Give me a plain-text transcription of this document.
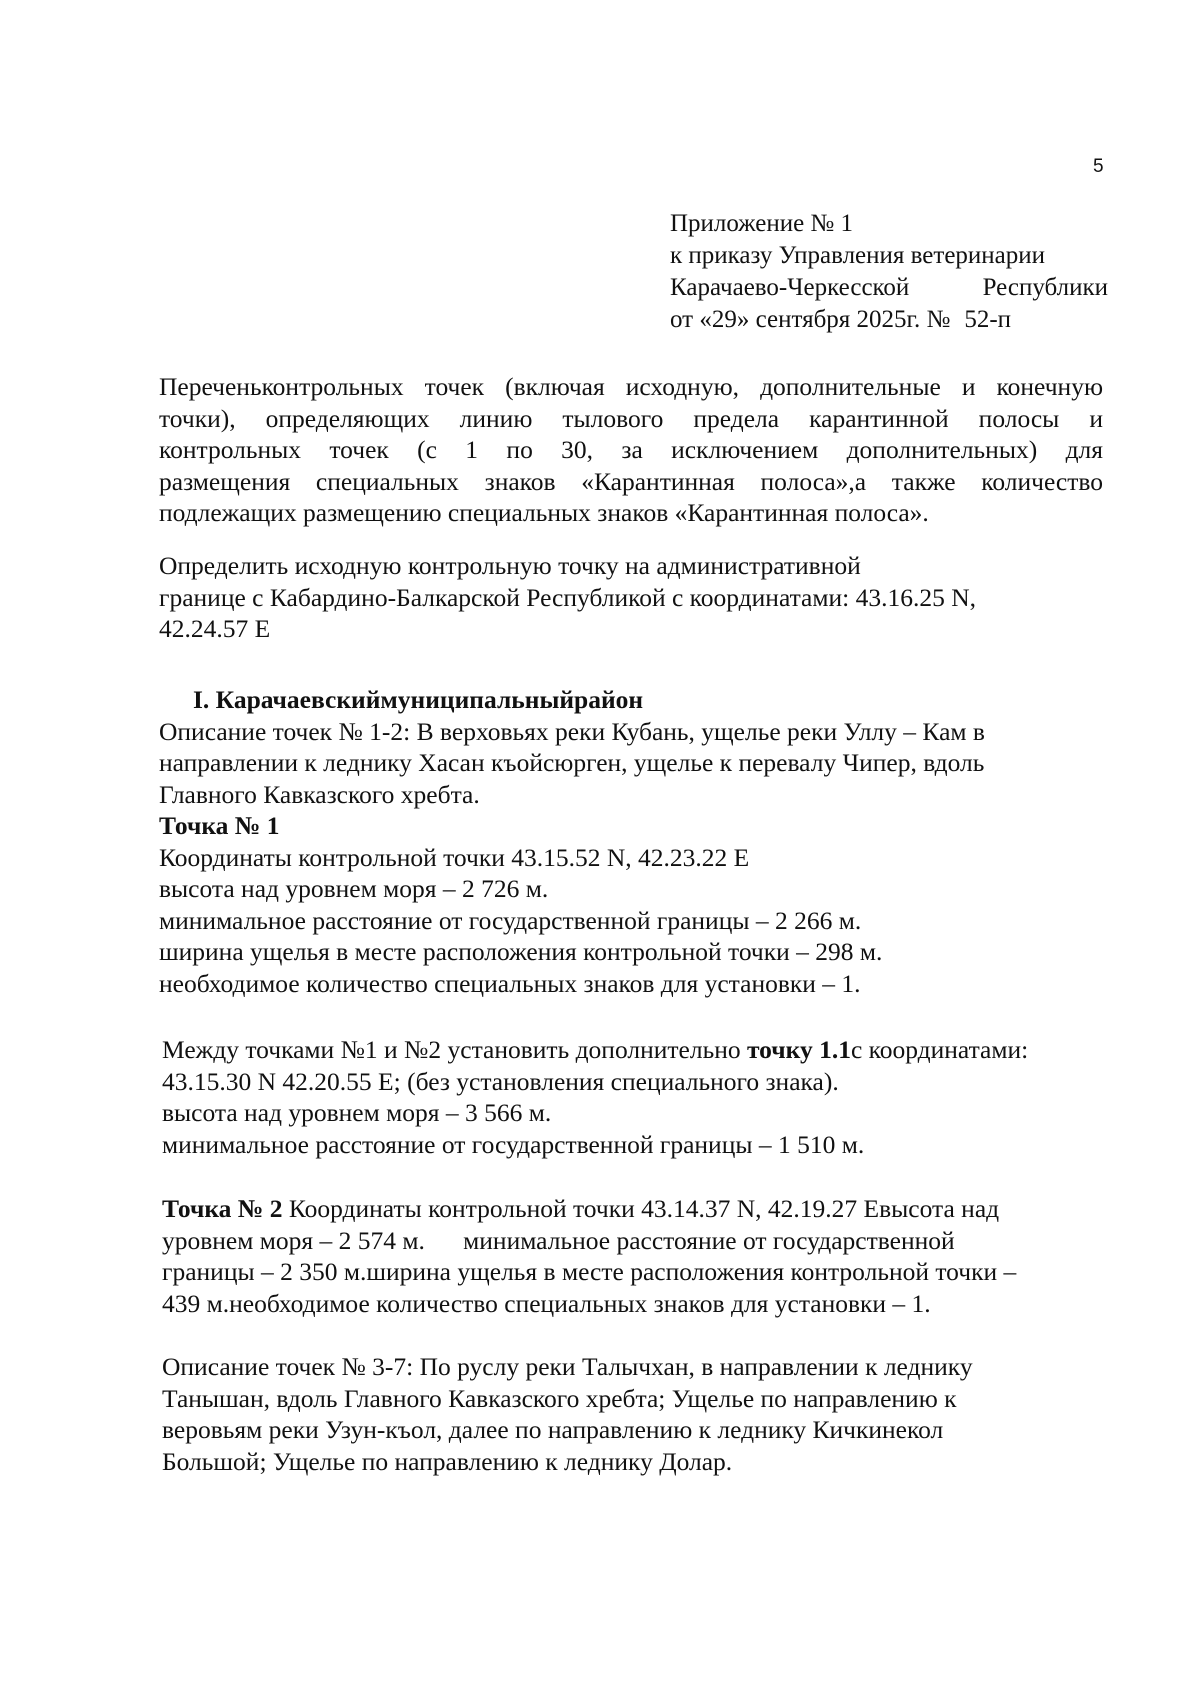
5
Приложение № 1
к приказу Управления ветеринарии
Карачаево-Черкесской	Республики
от «29» сентября 2025г. № 52-п
Переченьконтрольных точек (включая исходную, дополнительные и конечную
точки), определяющих линию тылового предела карантинной полосы и
контрольных точек (с 1 по 30, за исключением дополнительных) для
размещения специальных знаков «Карантинная полоса»,а также количество
подлежащих размещению специальных знаков «Карантинная полоса».
Определить исходную контрольную точку на административной
границе с Кабардино-Балкарской Республикой с координатами: 43.16.25 N,
42.24.57 E
I. Карачаевскиймуниципальныйрайон
Описание точек № 1-2: В верховьях реки Кубань, ущелье реки Уллу – Кам в
направлении к леднику Хасан къойсюрген, ущелье к перевалу Чипер, вдоль
Главного Кавказского хребта.
Точка № 1
Координаты контрольной точки 43.15.52 N, 42.23.22 E
высота над уровнем моря – 2 726 м.
минимальное расстояние от государственной границы – 2 266 м.
ширина ущелья в месте расположения контрольной точки – 298 м.
необходимое количество специальных знаков для установки – 1.
Между точками №1 и №2 установить дополнительно точку 1.1с координатами:
43.15.30 N 42.20.55 E; (без установления специального знака).
высота над уровнем моря – 3 566 м.
минимальное расстояние от государственной границы – 1 510 м.
Точка № 2 Координаты контрольной точки 43.14.37 N, 42.19.27 Евысота над
уровнем моря – 2 574 м.      минимальное расстояние от государственной
границы – 2 350 м.ширина ущелья в месте расположения контрольной точки –
439 м.необходимое количество специальных знаков для установки – 1.
Описание точек № 3-7: По руслу реки Талычхан, в направлении к леднику
Танышан, вдоль Главного Кавказского хребта; Ущелье по направлению к
веровьям реки Узун-къол, далее по направлению к леднику Кичкинекол
Большой; Ущелье по направлению к леднику Долар.
